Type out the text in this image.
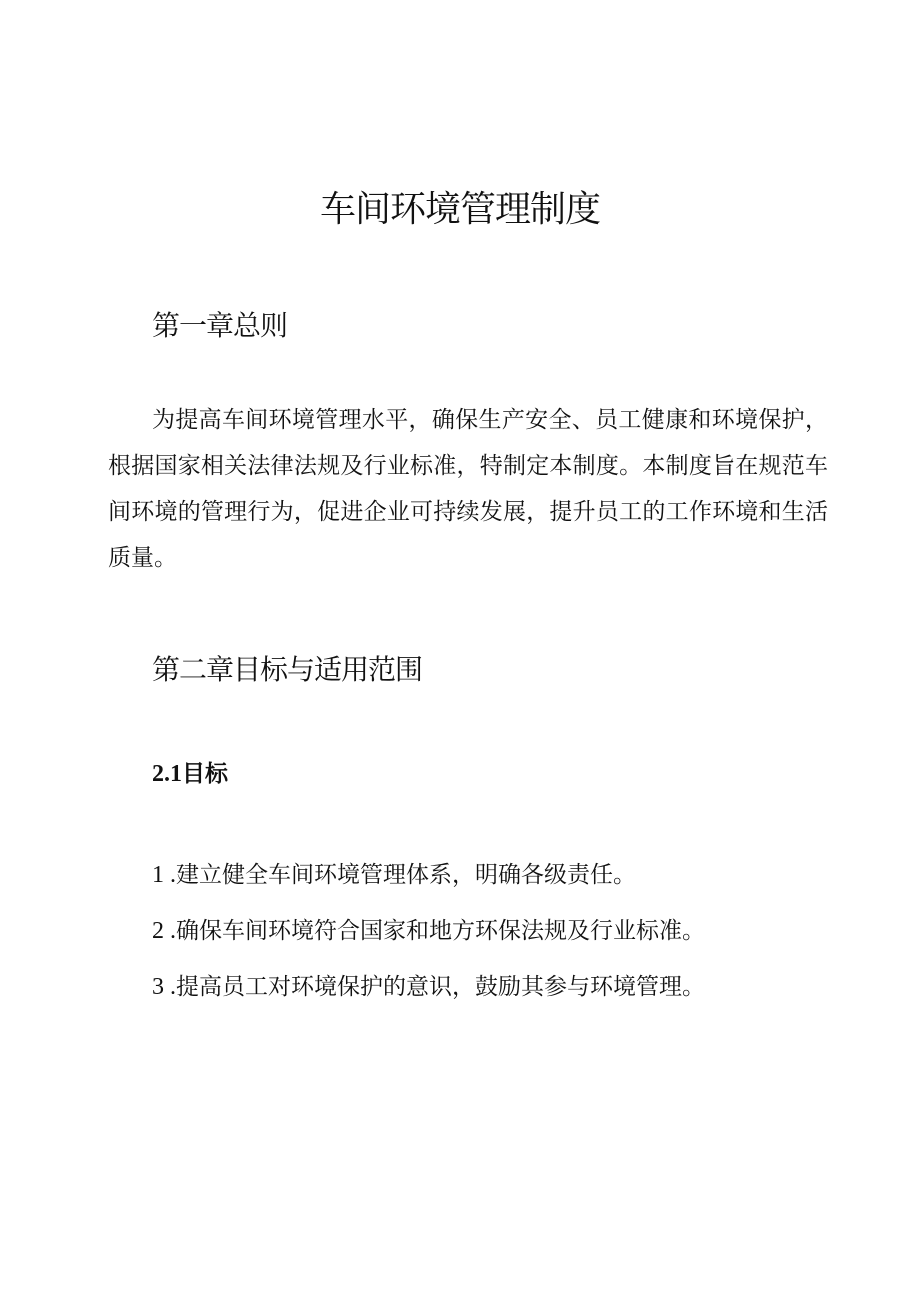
车间环境管理制度
第一章总则

为提高车间环境管理水平，确保生产安全、员工健康和环境保护，根据国家相关法律法规及行业标准，特制定本制度。本制度旨在规范车间环境的管理行为，促进企业可持续发展，提升员工的工作环境和生活质量。

第二章目标与适用范围
2.1目标
1 .建立健全车间环境管理体系，明确各级责任。
2 .确保车间环境符合国家和地方环保法规及行业标准。
3 .提高员工对环境保护的意识，鼓励其参与环境管理。
